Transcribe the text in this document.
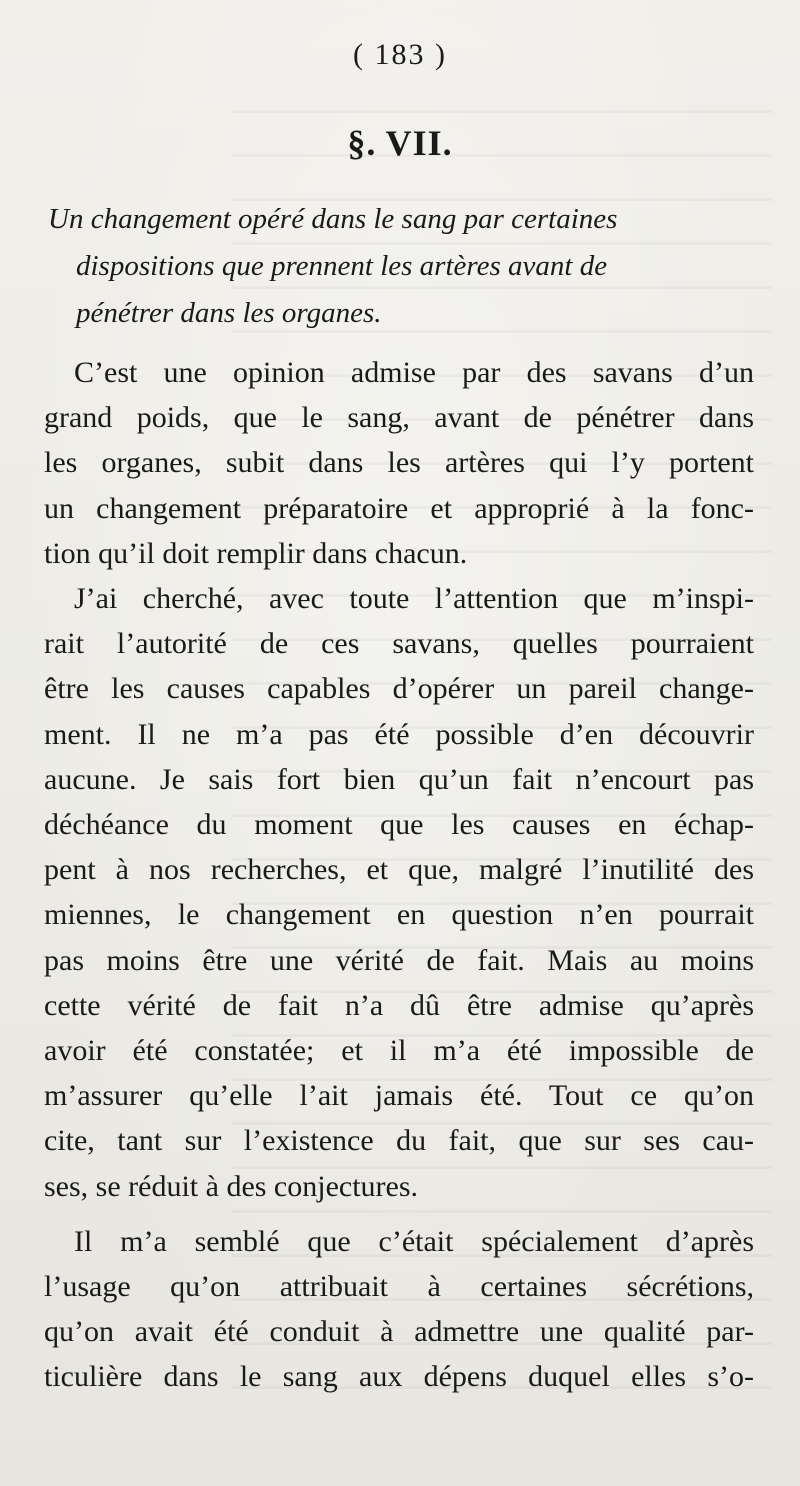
( 183 )
§. VII.
Un changement opéré dans le sang par certaines
dispositions que prennent les artères avant de
pénétrer dans les organes.

C’est une opinion admise par des savans d’un
grand poids, que le sang, avant de pénétrer dans
les organes, subit dans les artères qui l’y portent
un changement préparatoire et approprié à la fonc-
tion qu’il doit remplir dans chacun.

J’ai cherché, avec toute l’attention que m’inspi-
rait l’autorité de ces savans, quelles pourraient
être les causes capables d’opérer un pareil change-
ment. Il ne m’a pas été possible d’en découvrir
aucune. Je sais fort bien qu’un fait n’encourt pas
déchéance du moment que les causes en échap-
pent à nos recherches, et que, malgré l’inutilité des
miennes, le changement en question n’en pourrait
pas moins être une vérité de fait. Mais au moins
cette vérité de fait n’a dû être admise qu’après
avoir été constatée; et il m’a été impossible de
m’assurer qu’elle l’ait jamais été. Tout ce qu’on
cite, tant sur l’existence du fait, que sur ses cau-
ses, se réduit à des conjectures.

Il m’a semblé que c’était spécialement d’après
l’usage qu’on attribuait à certaines sécrétions,
qu’on avait été conduit à admettre une qualité par-
ticulière dans le sang aux dépens duquel elles s’o-
